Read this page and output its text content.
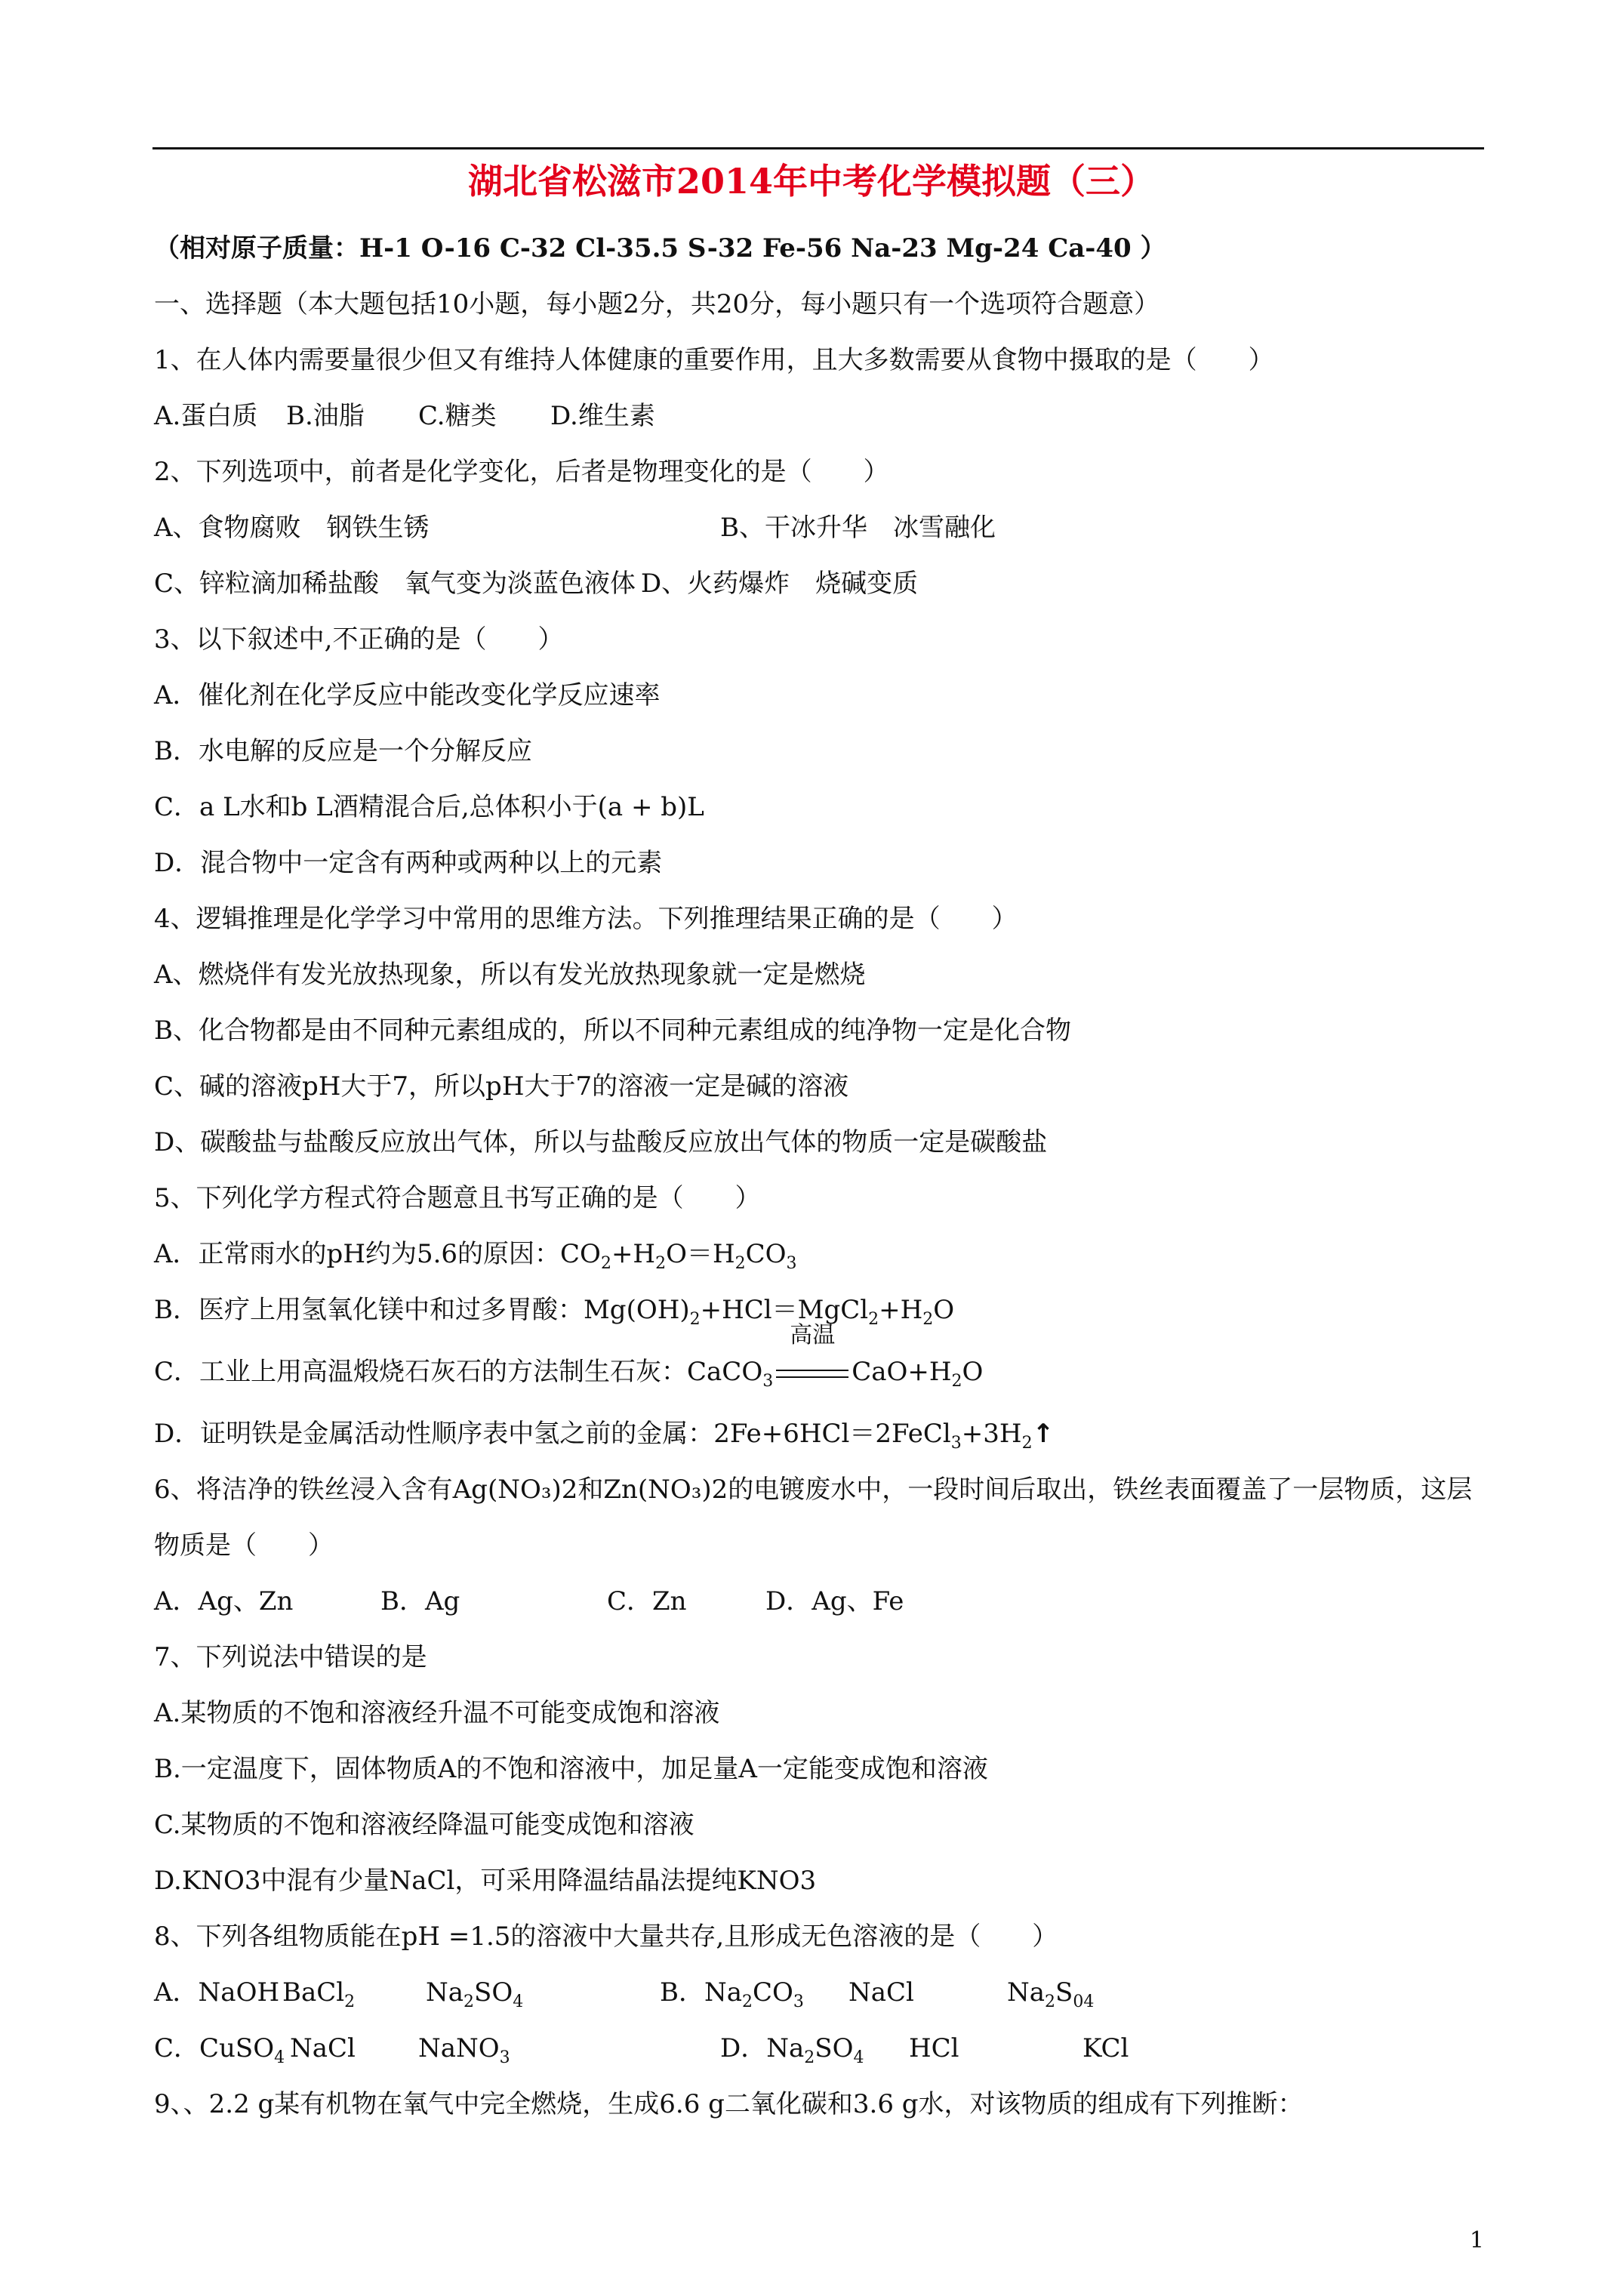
湖北省松滋市2014年中考化学模拟题（三）

（相对原子质量：H-1 O-16 C-32 Cl-35.5 S-32 Fe-56 Na-23 Mg-24 Ca-40 ）

一、选择题（本大题包括10小题，每小题2分，共20分，每小题只有一个选项符合题意）

1、在人体内需要量很少但又有维持人体健康的重要作用，且大多数需要从食物中摄取的是（　　）

A.蛋白质 B.油脂 C.糖类 D.维生素

2、下列选项中，前者是化学变化，后者是物理变化的是（　　）

A、食物腐败　钢铁生锈	B、干冰升华　冰雪融化

C、锌粒滴加稀盐酸　氧气变为淡蓝色液体  D、火药爆炸　烧碱变质

3、以下叙述中,不正确的是（　　）

A．催化剂在化学反应中能改变化学反应速率

B．水电解的反应是一个分解反应

C．a L水和b L酒精混合后,总体积小于(a + b)L

D．混合物中一定含有两种或两种以上的元素

4、逻辑推理是化学学习中常用的思维方法。下列推理结果正确的是（　　）

A、燃烧伴有发光放热现象，所以有发光放热现象就一定是燃烧

B、化合物都是由不同种元素组成的，所以不同种元素组成的纯净物一定是化合物

C、碱的溶液pH大于7，所以pH大于7的溶液一定是碱的溶液

D、碳酸盐与盐酸反应放出气体，所以与盐酸反应放出气体的物质一定是碳酸盐

5、下列化学方程式符合题意且书写正确的是（　　）

A．正常雨水的pH约为5.6的原因：$CO_2+H_2O=H_2CO_3$

B．医疗上用氢氧化镁中和过多胃酸：$Mg(OH)_2+HCl=MgCl_2+H_2O$

C．工业上用高温煅烧石灰石的方法制生石灰：CaCO$_3$
高温
$CaO+H_2O$

D．证明铁是金属活动性顺序表中氢之前的金属：$2Fe+6HCl=2FeCl_3+3H_2↑$

6、将洁净的铁丝浸入含有Ag(NO₃)2和Zn(NO₃)2的电镀废水中，一段时间后取出，铁丝表面覆盖了一层物质，这层物质是（　　）

A．Ag、Zn	B．Ag	C．Zn	D．Ag、Fe

7、下列说法中错误的是

A.某物质的不饱和溶液经升温不可能变成饱和溶液

B.一定温度下，固体物质A的不饱和溶液中，加足量A一定能变成饱和溶液

C.某物质的不饱和溶液经降温可能变成饱和溶液

D.KNO3中混有少量NaCl，可采用降温结晶法提纯KNO3

8、下列各组物质能在pH =1.5的溶液中大量共存,且形成无色溶液的是（　　）

A．NaOH BaCl$_2$	$Na_2SO_4$	B．$Na_2CO_3$ NaCl	$Na_2S_{04}$

C．CuSO$_4$ NaCl NaNO$_3$	D．$Na_2SO_4$ HCl	KCl

9、、2.2 g某有机物在氧气中完全燃烧，生成6.6 g二氧化碳和3.6 g水，对该物质的组成有下列推断：

1
